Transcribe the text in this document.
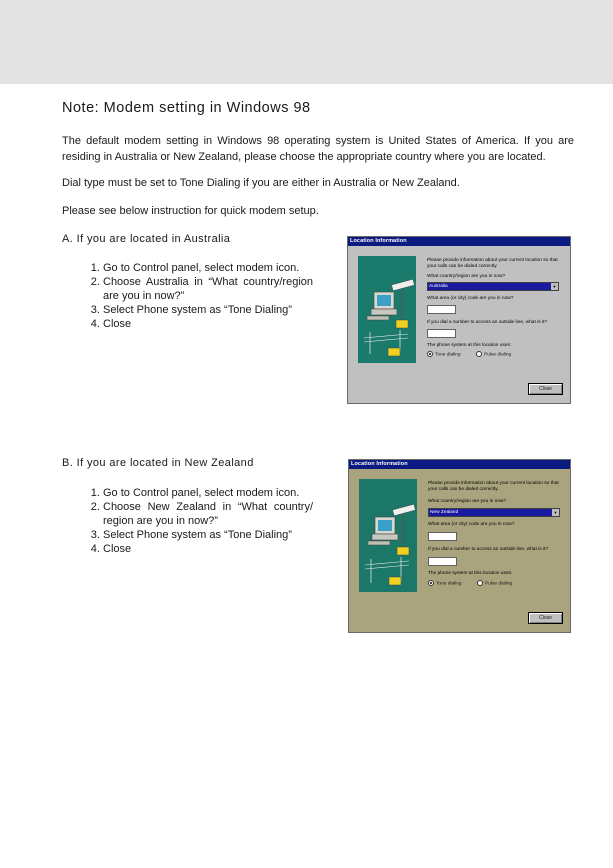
Note: Modem setting in Windows 98
The default modem setting in Windows 98 operating system is United States of America. If you are residing in Australia or New Zealand, please choose the appropriate country where you are located.
Dial type must be set to Tone Dialing if you are either in Australia or New Zealand.
Please see below instruction for quick modem setup.
A. If you are located in Australia
1. Go to Control panel, select modem icon.
2. Choose Australia in “What country/region are you in now?”
3. Select Phone system as “Tone Dialing”
4. Close
Location Information
Please provide information about your current location so that your calls can be dialed correctly.
What country/region are you in now?
Australia	▼
What area (or city) code are you in now?
If you dial a number to access an outside line, what is it?
The phone system at this location uses:
Tone dialing	Pulse dialing
Close
B. If you are located in New Zealand
1. Go to Control panel, select modem icon.
2. Choose New Zealand in “What country/ region are you in now?”
3. Select Phone system as “Tone Dialing”
4. Close
Location Information
Please provide information about your current location so that your calls can be dialed correctly.
What country/region are you in now?
New Zealand	▼
What area (or city) code are you in now?
If you dial a number to access an outside line, what is it?
The phone system at this location uses:
Tone dialing	Pulse dialing
Close
